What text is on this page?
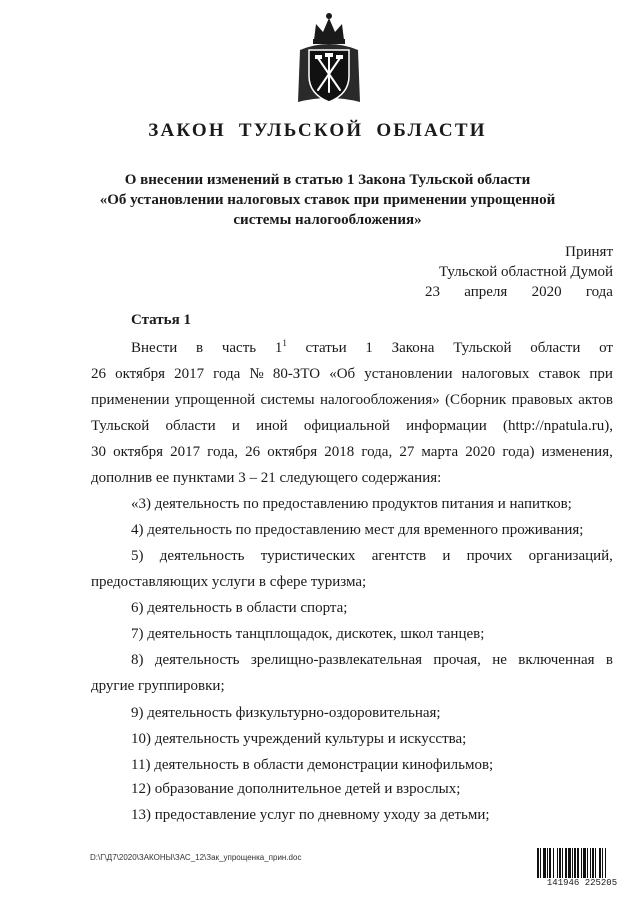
ЗАКОН ТУЛЬСКОЙ ОБЛАСТИ
О внесении изменений в статью 1 Закона Тульской области
«Об установлении налоговых ставок при применении упрощенной
системы налогообложения»
Принят
Тульской областной Думой
23 апреля 2020 года
Статья 1
Внести в часть $1^1$ статьи 1 Закона Тульской области от
26 октября 2017 года № 80-ЗТО «Об установлении налоговых ставок при
применении упрощенной системы налогообложения» (Сборник правовых актов
Тульской области и иной официальной информации (http://npatula.ru),
30 октября 2017 года, 26 октября 2018 года, 27 марта 2020 года) изменения,
дополнив ее пунктами 3 – 21 следующего содержания:
«3) деятельность по предоставлению продуктов питания и напитков;
4) деятельность по предоставлению мест для временного проживания;
5) деятельность туристических агентств и прочих организаций,
предоставляющих услуги в сфере туризма;
6) деятельность в области спорта;
7) деятельность танцплощадок, дискотек, школ танцев;
8) деятельность зрелищно-развлекательная прочая, не включенная в
другие группировки;
9) деятельность физкультурно-оздоровительная;
10) деятельность учреждений культуры и искусства;
11) деятельность в области демонстрации кинофильмов;
12) образование дополнительное детей и взрослых;
13) предоставление услуг по дневному уходу за детьми;
D:\Г\Д7\2020\ЗАКОНЫ\ЗАС_12\Зак_упрощенка_прин.doc
141946 225205
